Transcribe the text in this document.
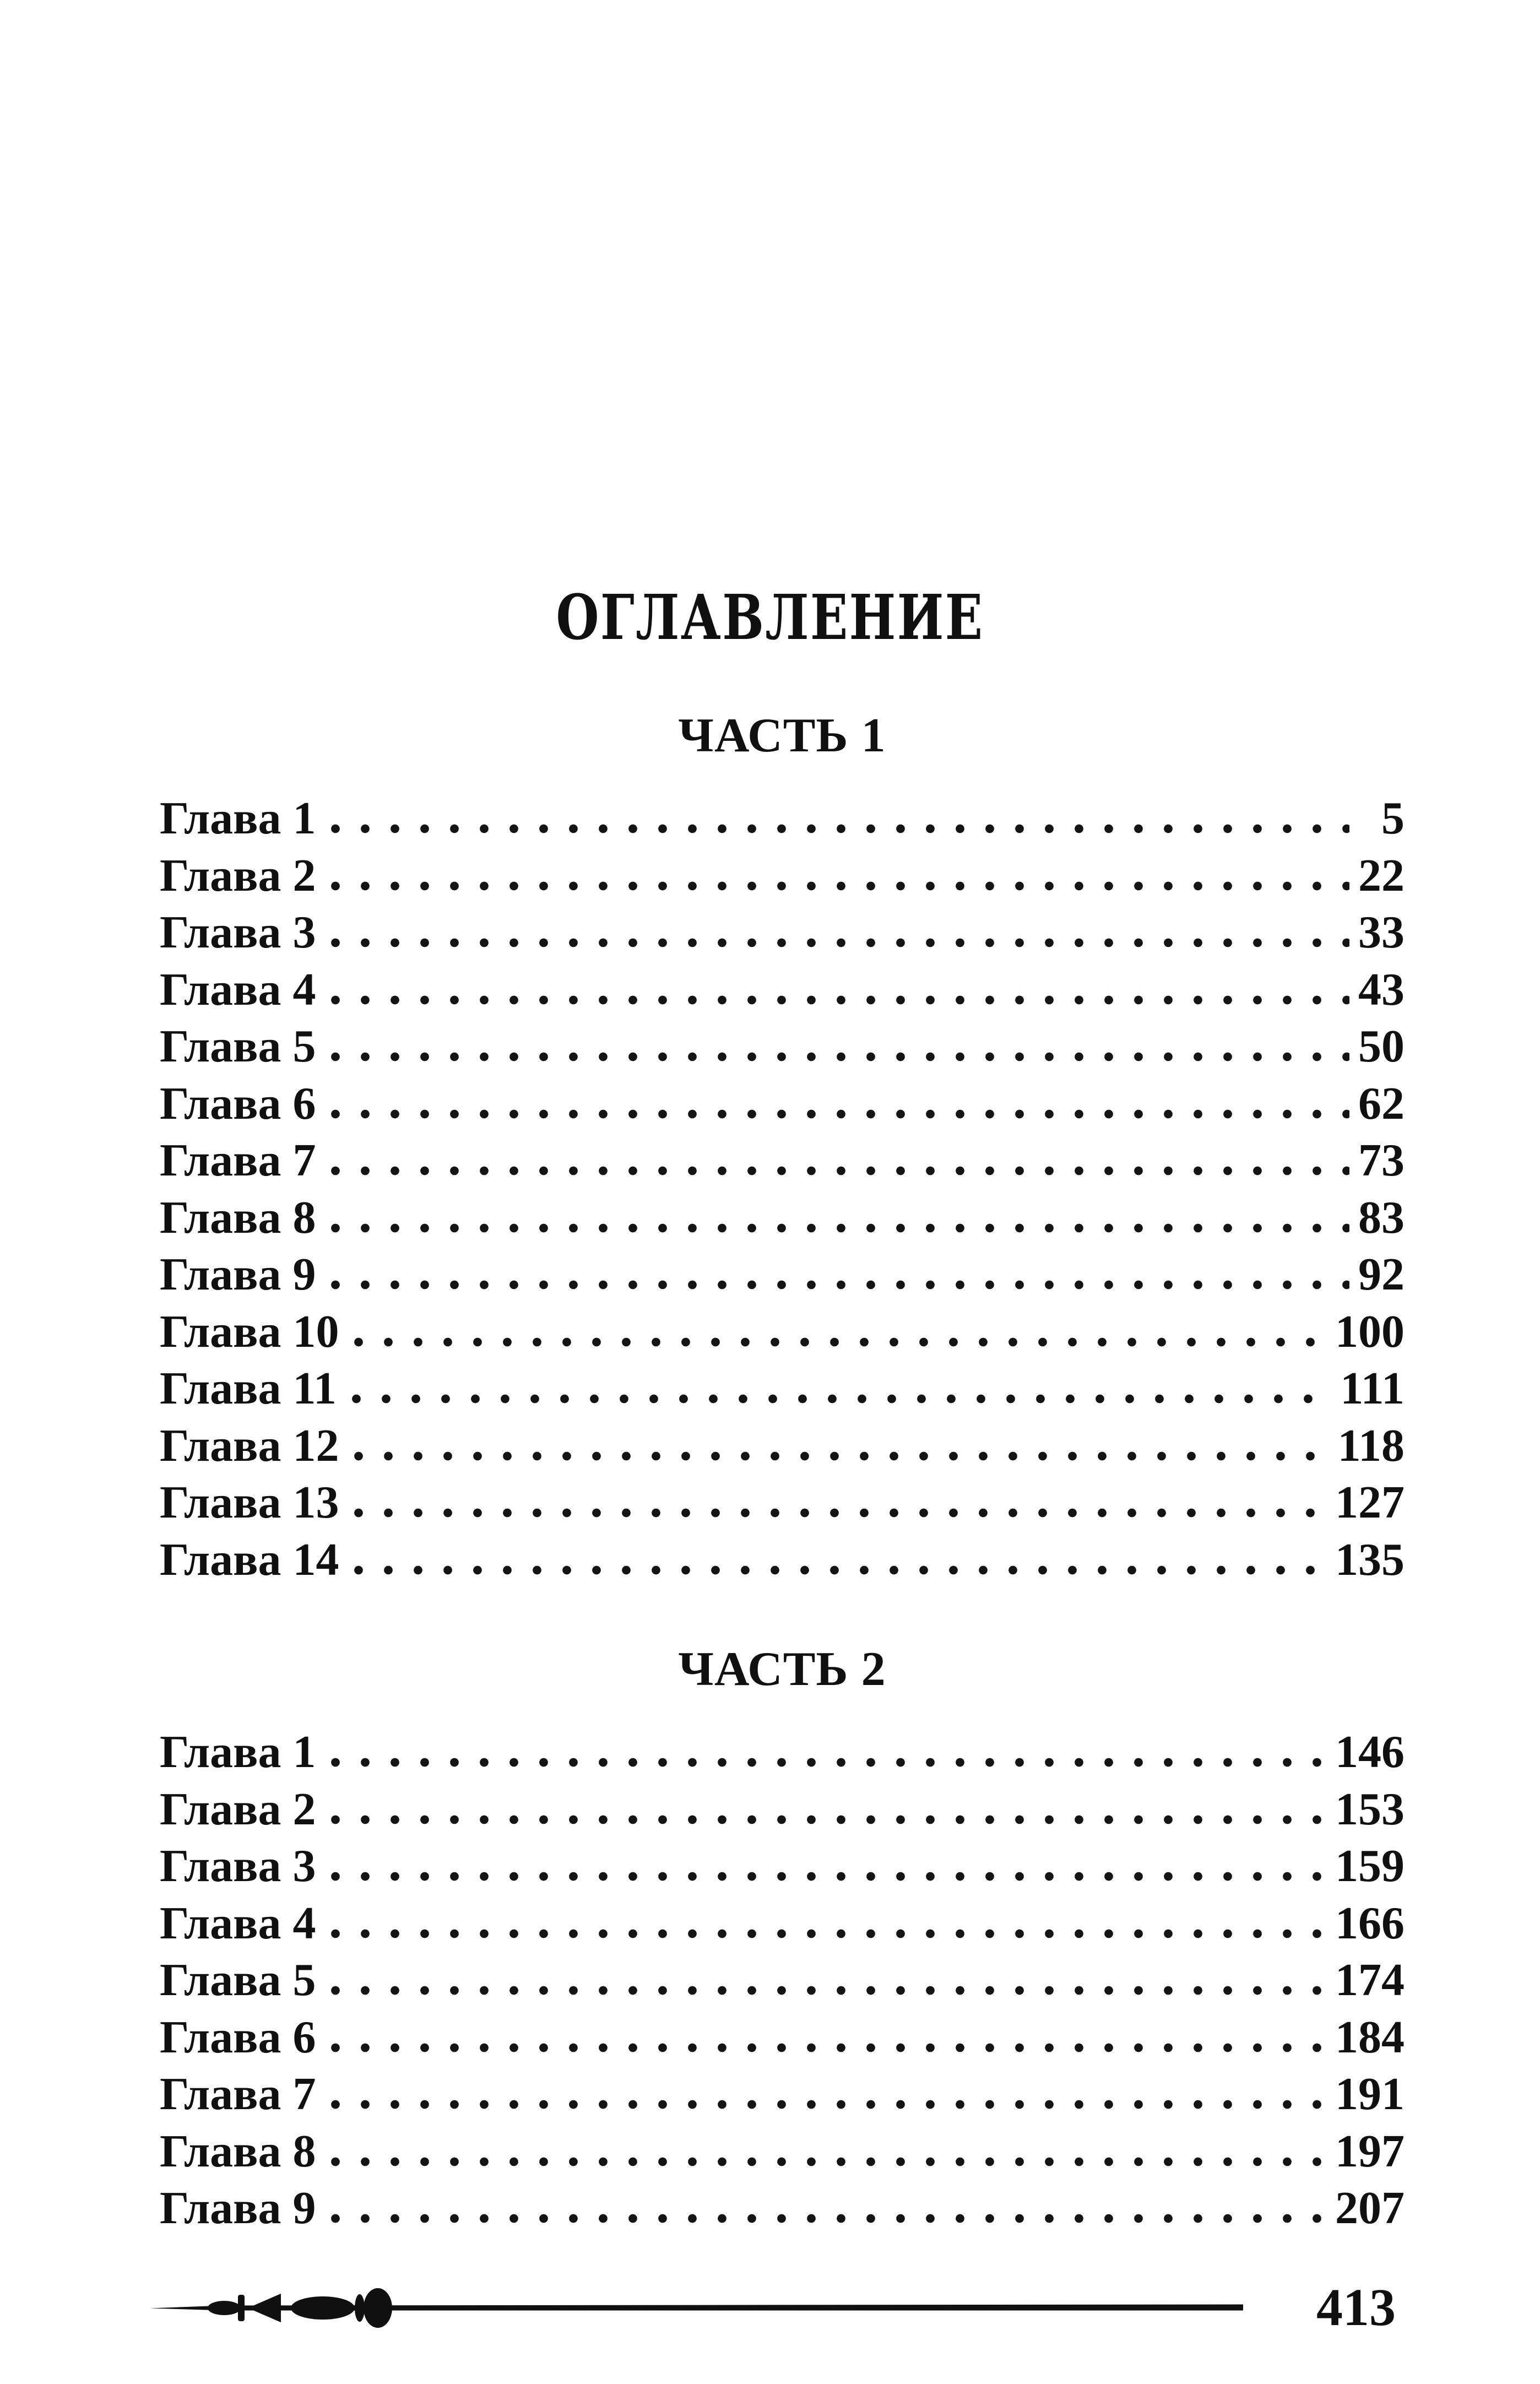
ОГЛАВЛЕНИЕ
ЧАСТЬ 1
Глава 1	5
Глава 2	22
Глава 3	33
Глава 4	43
Глава 5	50
Глава 6	62
Глава 7	73
Глава 8	83
Глава 9	92
Глава 10	100
Глава 11	111
Глава 12	118
Глава 13	127
Глава 14	135
ЧАСТЬ 2
Глава 1	146
Глава 2	153
Глава 3	159
Глава 4	166
Глава 5	174
Глава 6	184
Глава 7	191
Глава 8	197
Глава 9	207
413
